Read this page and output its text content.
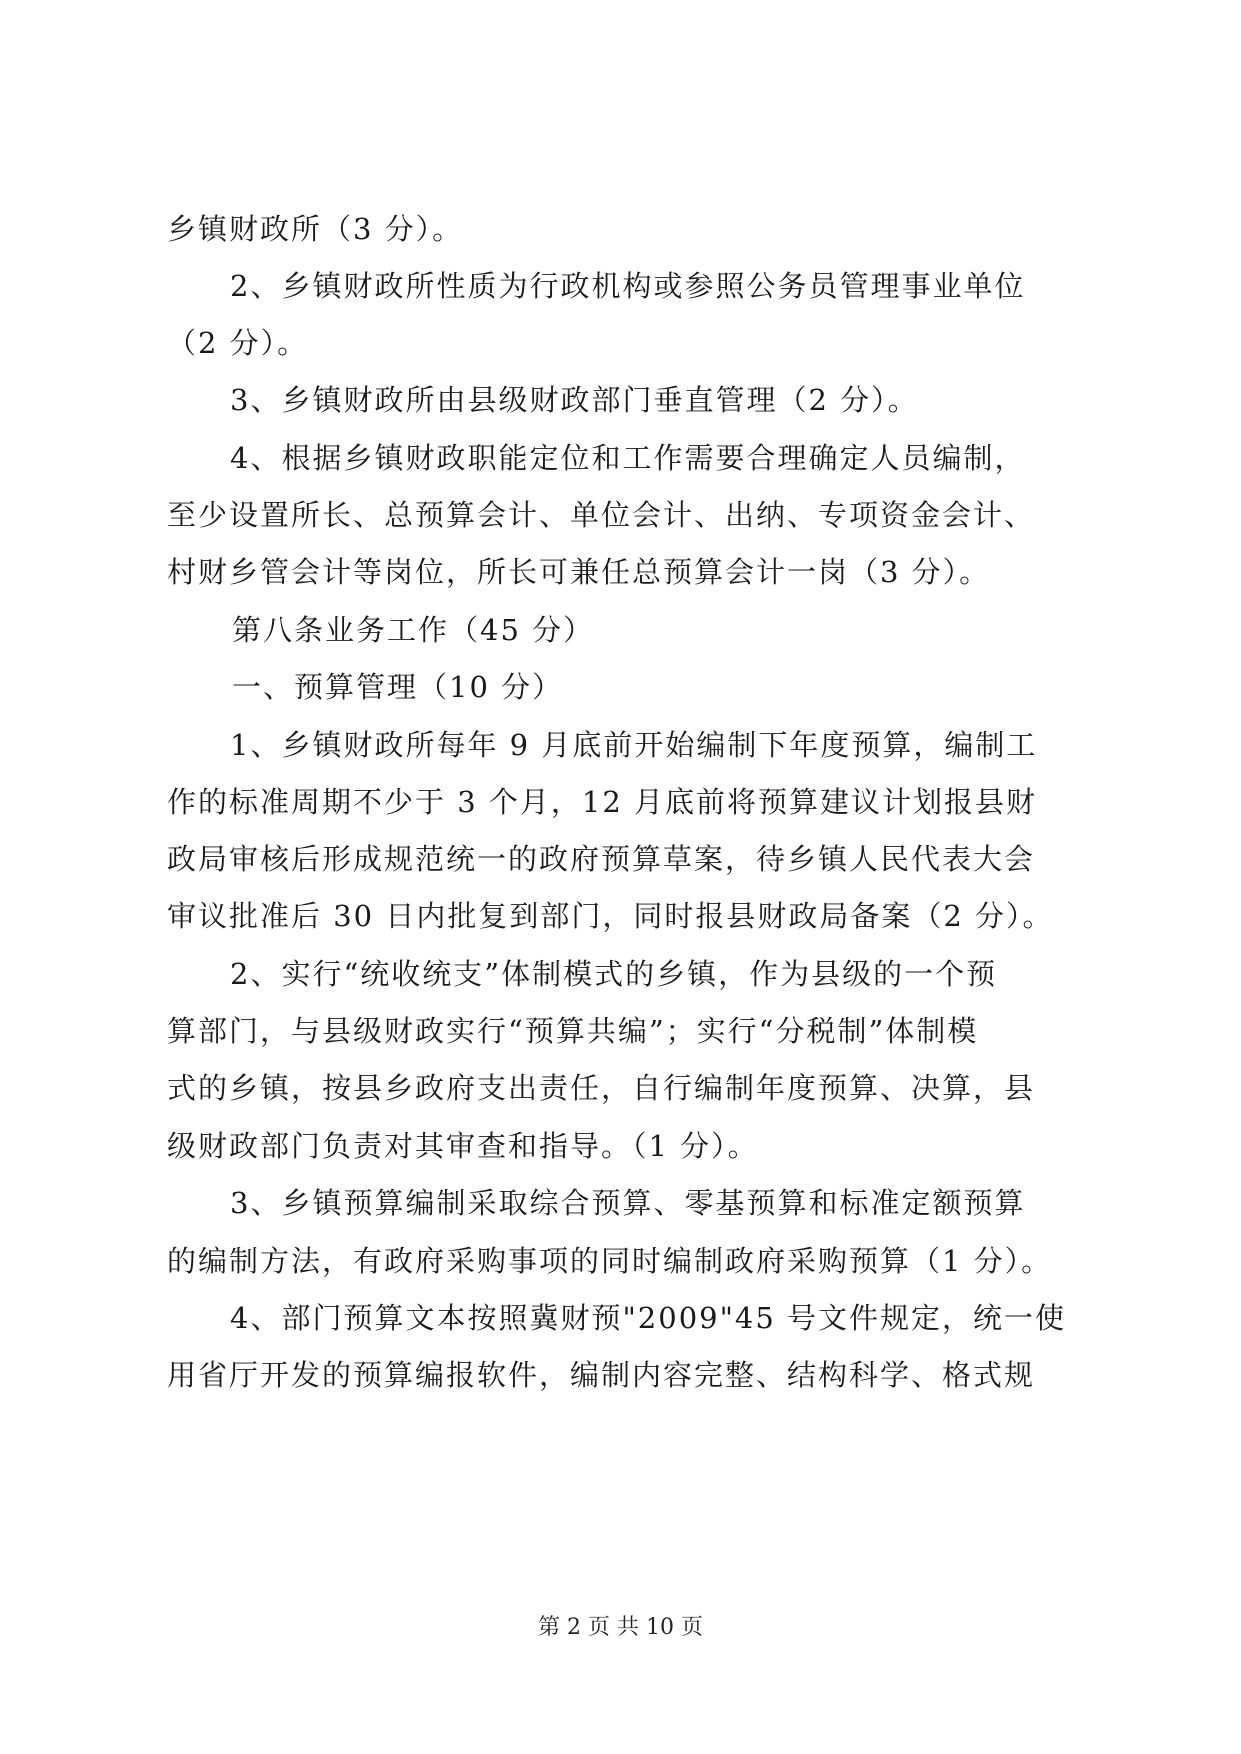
乡镇财政所（3 分）。
2、乡镇财政所性质为行政机构或参照公务员管理事业单位
（2 分）。
3、乡镇财政所由县级财政部门垂直管理（2 分）。
4、根据乡镇财政职能定位和工作需要合理确定人员编制，
至少设置所长、总预算会计、单位会计、出纳、专项资金会计、
村财乡管会计等岗位，所长可兼任总预算会计一岗（3 分）。
第八条业务工作（45 分）
一、预算管理（10 分）
1、乡镇财政所每年 9 月底前开始编制下年度预算，编制工
作的标准周期不少于 3 个月，12 月底前将预算建议计划报县财
政局审核后形成规范统一的政府预算草案，待乡镇人民代表大会
审议批准后 30 日内批复到部门，同时报县财政局备案（2 分）。
2、实行“统收统支”体制模式的乡镇，作为县级的一个预
算部门，与县级财政实行“预算共编”；实行“分税制”体制模
式的乡镇，按县乡政府支出责任，自行编制年度预算、决算，县
级财政部门负责对其审查和指导。（1 分）。
3、乡镇预算编制采取综合预算、零基预算和标准定额预算
的编制方法，有政府采购事项的同时编制政府采购预算（1 分）。
4、部门预算文本按照冀财预"2009"45 号文件规定，统一使
用省厅开发的预算编报软件，编制内容完整、结构科学、格式规
第 2 页 共 10 页
